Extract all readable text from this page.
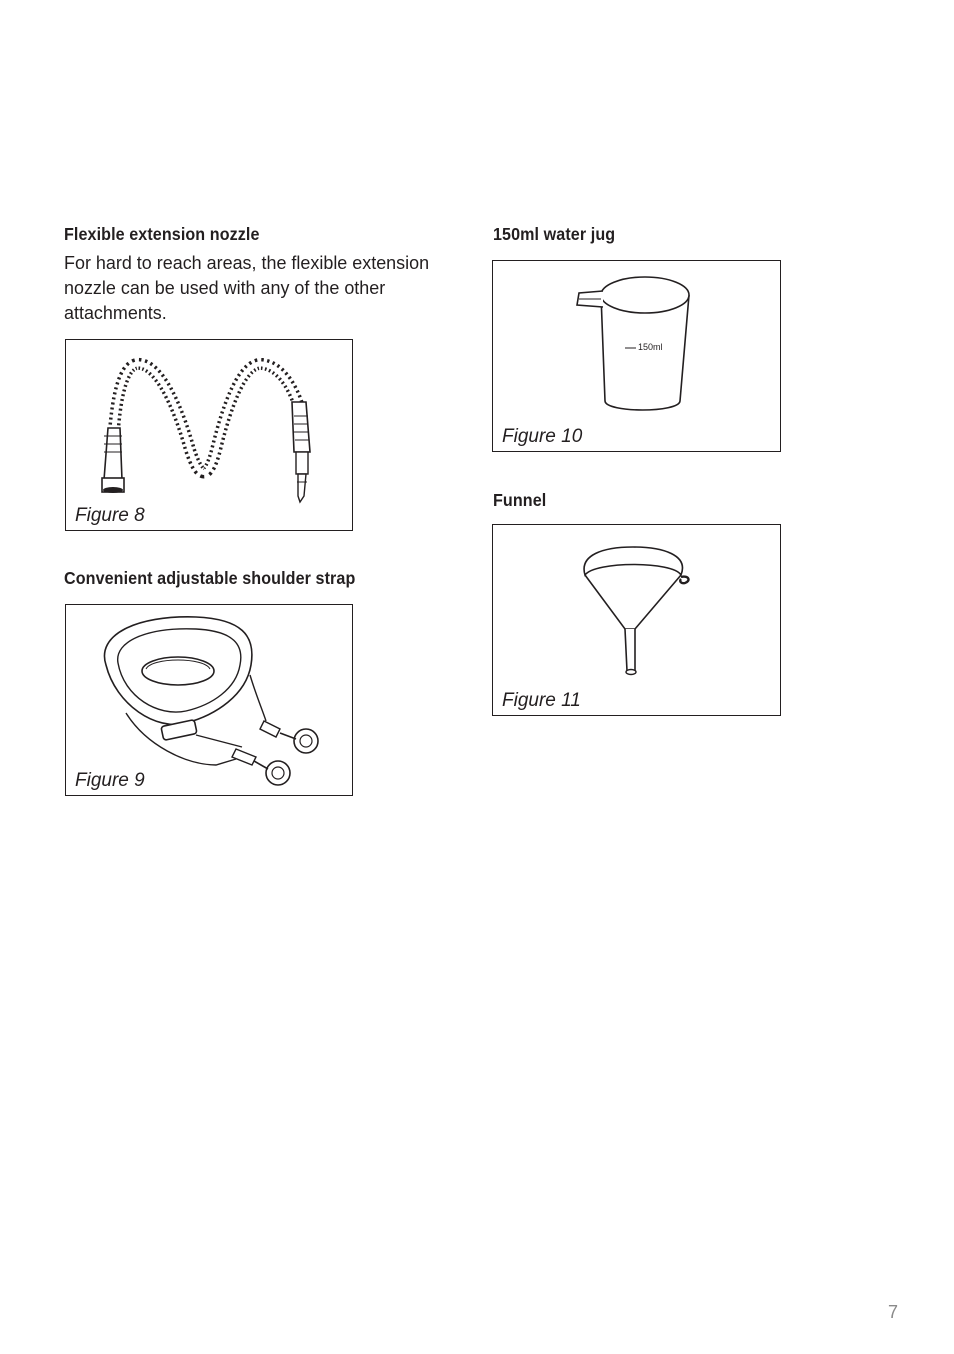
Flexible extension nozzle

For hard to reach areas, the flexible extension nozzle can be used with any of the other attachments.

Figure 8
Convenient adjustable shoulder strap
Figure 9
150ml water jug
150ml
Figure 10
Funnel
Figure 11
7
